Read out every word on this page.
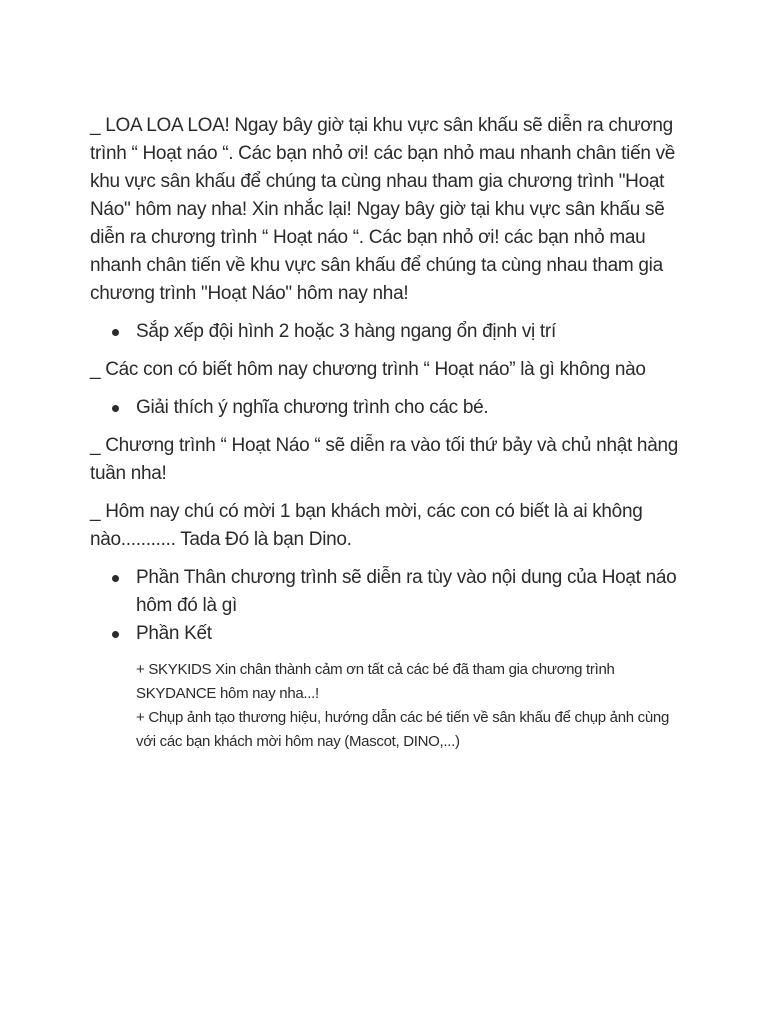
_ LOA LOA LOA! Ngay bây giờ tại khu vực sân khấu sẽ diễn ra chương trình “ Hoạt náo “. Các bạn nhỏ ơi! các bạn nhỏ mau nhanh chân tiến về khu vực sân khấu để chúng ta cùng nhau tham gia chương trình "Hoạt Náo" hôm nay nha! Xin nhắc lại! Ngay bây giờ tại khu vực sân khấu sẽ diễn ra chương trình “ Hoạt náo “. Các bạn nhỏ ơi! các bạn nhỏ mau nhanh chân tiến về khu vực sân khấu để chúng ta cùng nhau tham gia chương trình "Hoạt Náo" hôm nay nha!

Sắp xếp đội hình 2 hoặc 3 hàng ngang ổn định vị trí

_ Các con có biết hôm nay chương trình “ Hoạt náo” là gì không nào

Giải thích ý nghĩa chương trình cho các bé.

_ Chương trình “ Hoạt Náo “ sẽ diễn ra vào tối thứ bảy và chủ nhật hàng tuần nha!

_ Hôm nay chú có mời 1 bạn khách mời, các con có biết là ai không nào........... Tada Đó là bạn Dino.

Phần Thân chương trình sẽ diễn ra tùy vào nội dung của Hoạt náo hôm đó là gì
Phần Kết

+ SKYKIDS Xin chân thành cảm ơn tất cả các bé đã tham gia chương trình SKYDANCE hôm nay nha...!

+ Chụp ảnh tạo thương hiệu, hướng dẫn các bé tiến về sân khấu để chụp ảnh cùng với các bạn khách mời hôm nay (Mascot, DINO,...)
